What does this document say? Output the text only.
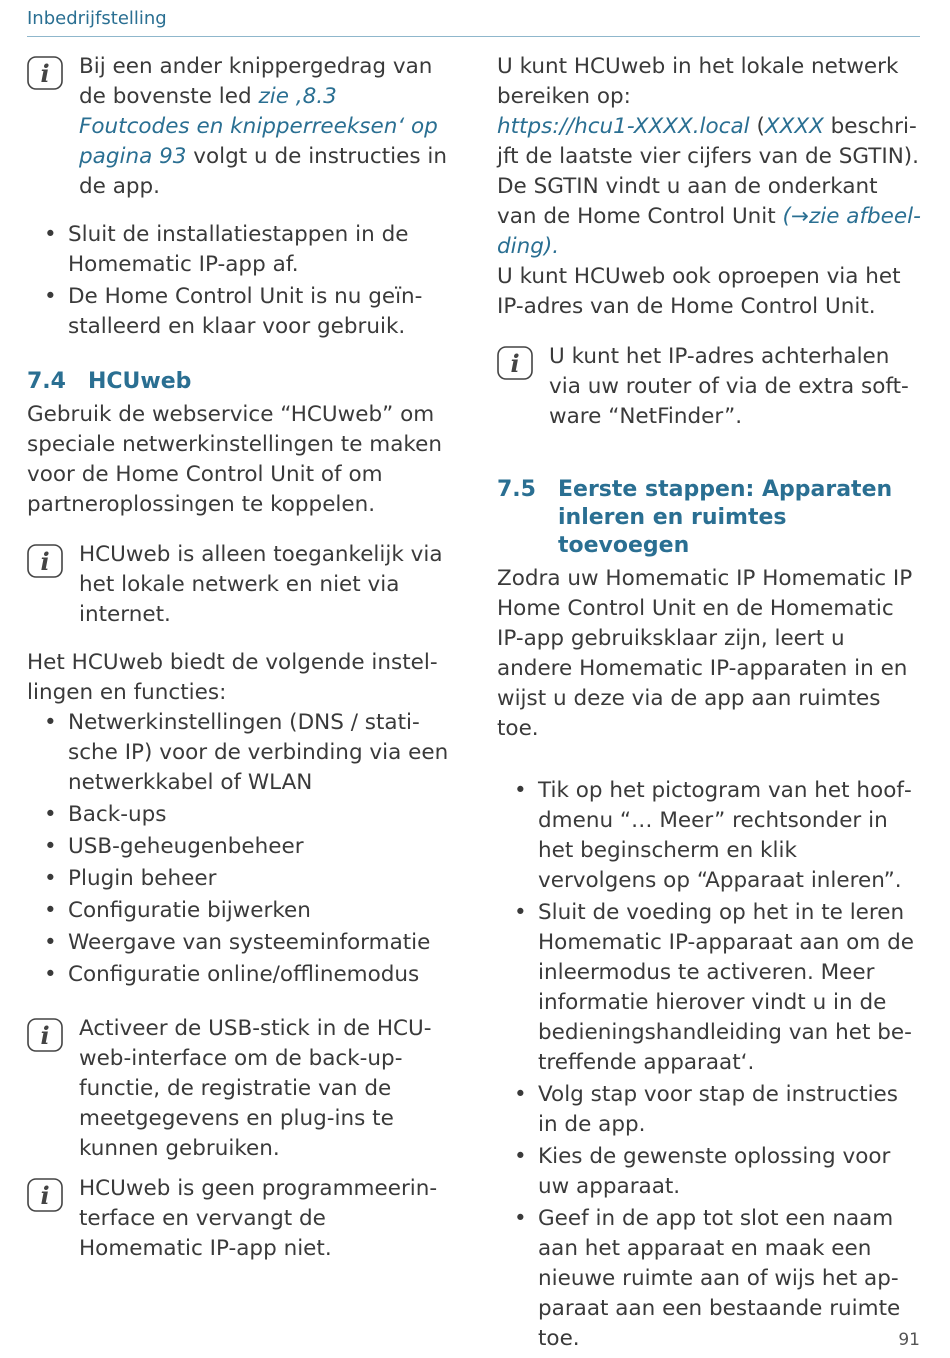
Inbedrijfstelling
i Bij een ander knippergedrag van de bovenste led zie ‚8.3 Foutcodes en knipperreeksen‘ op pagina 93 volgt u de instructies in de app.

• Sluit de installatiestappen in de Homematic IP-app af.
• De Home Control Unit is nu geïnstalleerd en klaar voor gebruik.
7.4	HCUweb

Gebruik de webservice “HCUweb” om speciale netwerkinstellingen te maken voor de Home Control Unit of om partneroplossingen te koppelen.

i HCUweb is alleen toegankelijk via het lokale netwerk en niet via internet.

Het HCUweb biedt de volgende instellingen en functies:

• Netwerkinstellingen (DNS / statische IP) voor de verbinding via een netwerkkabel of WLAN
• Back-ups
• USB-geheugenbeheer
• Plugin beheer
• Configuratie bijwerken
• Weergave van systeeminformatie
• Configuratie online/offlinemodus
i Activeer de USB-stick in de HCUweb-interface om de back-upfunctie, de registratie van de meetgegevens en plug-ins te kunnen gebruiken.

i HCUweb is geen programmeerinterface en vervangt de Homematic IP-app niet.

U kunt HCUweb in het lokale netwerk bereiken op:
https://hcu1-XXXX.local (XXXX beschrijft de laatste vier cijfers van de SGTIN). De SGTIN vindt u aan de onderkant van de Home Control Unit (→zie afbeelding).

U kunt HCUweb ook oproepen via het IP-adres van de Home Control Unit.

i U kunt het IP-adres achterhalen via uw router of via de extra software “NetFinder”.

7.5	Eerste stappen: Apparaten inleren en ruimtes toevoegen

Zodra uw Homematic IP Homematic IP Home Control Unit en de Homematic IP-app gebruiksklaar zijn, leert u andere Homematic IP-apparaten in en wijst u deze via de app aan ruimtes toe.

• Tik op het pictogram van het hoofdmenu “… Meer” rechtsonder in het beginscherm en klik vervolgens op “Apparaat inleren”.
• Sluit de voeding op het in te leren Homematic IP-apparaat aan om de inleermodus te activeren. Meer informatie hierover vindt u in de bedieningshandleiding van het betreffende apparaat‘.
• Volg stap voor stap de instructies in de app.
• Kies de gewenste oplossing voor uw apparaat.
• Geef in de app tot slot een naam aan het apparaat en maak een nieuwe ruimte aan of wijs het apparaat aan een bestaande ruimte toe.	91
